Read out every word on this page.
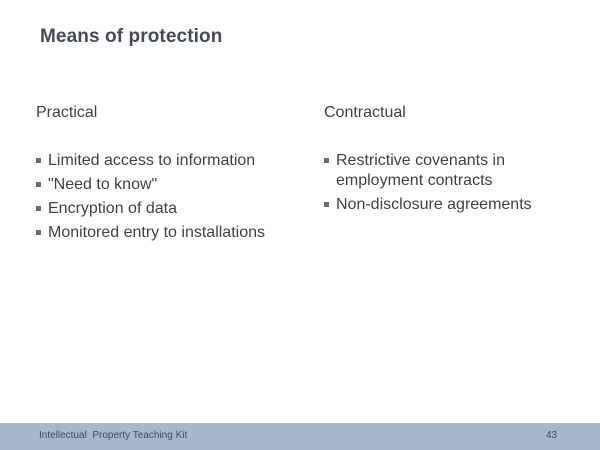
Means of protection
Practical
Limited access to information
"Need to know"
Encryption of data
Monitored entry to installations
Contractual
Restrictive covenants in employment contracts
Non-disclosure agreements
Intellectual  Property Teaching Kit	43
